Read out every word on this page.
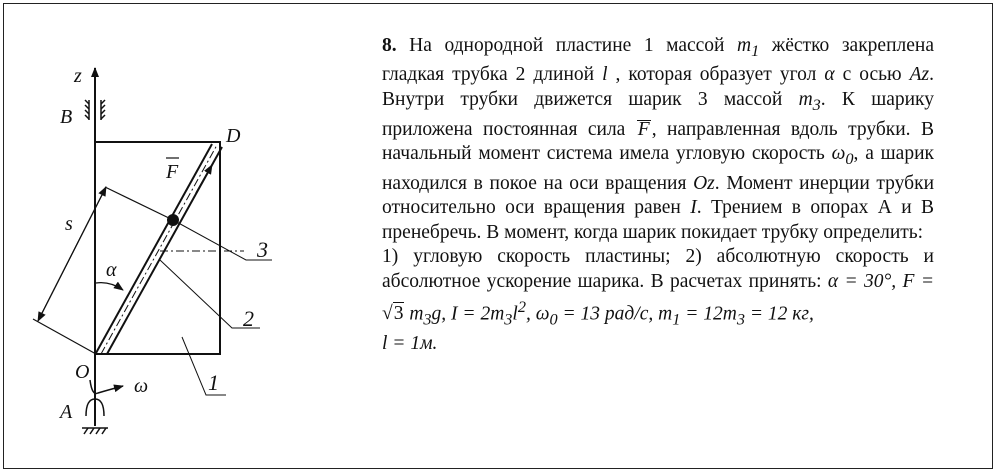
z
B
D
F
s
α
3
2
1
O
ω
A

8. На однородной пластине 1 массой $m_1$ жёстко закреплена гладкая трубка 2 длиной l , которая образует угол α с осью Az. Внутри трубки движется шарик 3 массой $m_3$. К шарику приложена постоянная сила F , направленная вдоль трубки. В начальный момент система имела угловую скорость $\omega_0$, а шарик находился в покое на оси вращения Oz. Момент инерции трубки относительно оси вращения равен I. Трением в опорах А и В пренебречь. В момент, когда шарик покидает трубку определить:

1) угловую скорость пластины; 2) абсолютную скорость и абсолютное ускорение шарика. В расчетах принять: α = 30°, F = √3 $m_3g$, $I = 2m_3l^2$, $\omega_0 = 13$ рад/с, $m_1 = 12m_3 = 12$ кг,
l = 1м.
